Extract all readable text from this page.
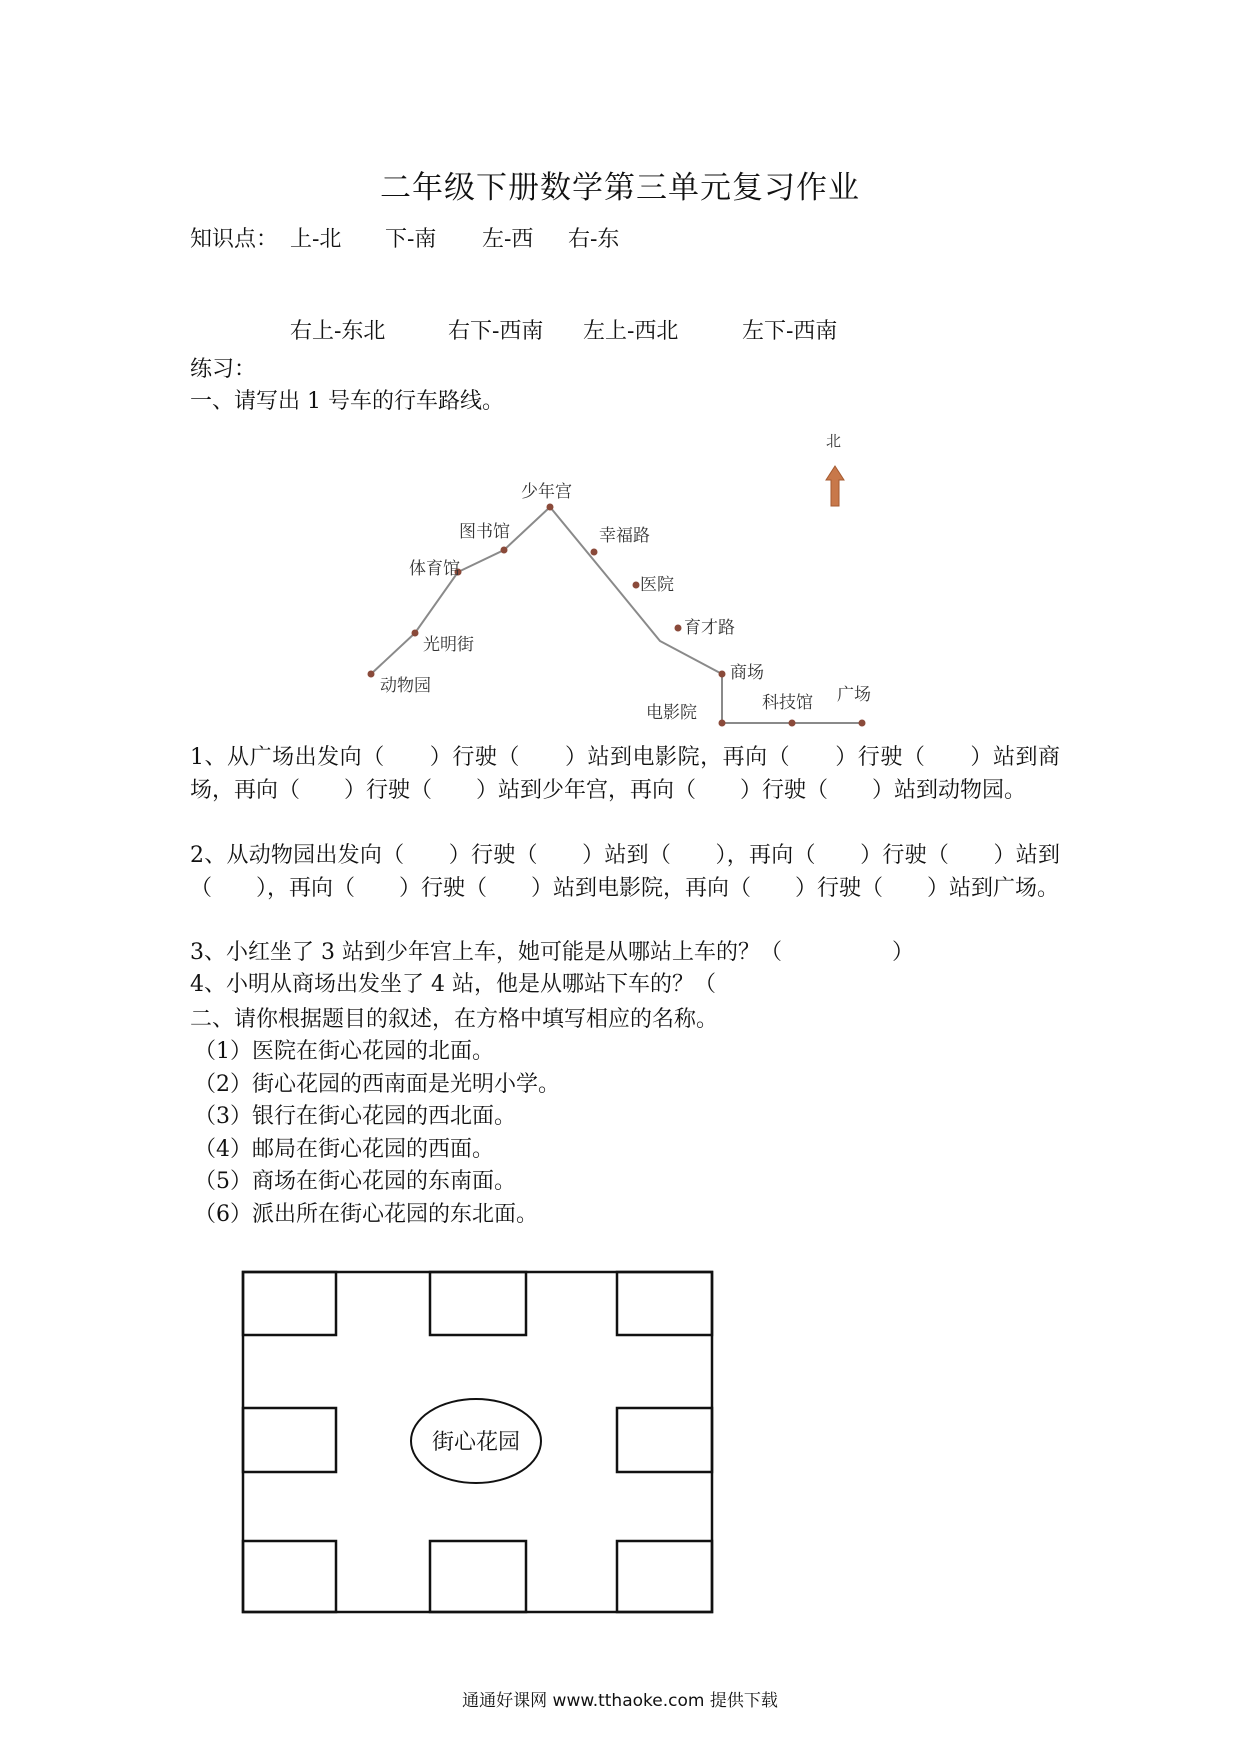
二年级下册数学第三单元复习作业
知识点： 上-北 下-南 左-西 右-东
右上-东北	右下-西南 左上-西北	左下-西南
练习：
一、请写出 1 号车的行车路线。
动物园
光明街
体育馆
图书馆
少年宫
幸福路
医院
育才路
商场
电影院	科技馆 广场
北

1、从广场出发向（　　）行驶（　　）站到电影院，再向（　　）行驶（　　）站到商场，再向（　　）行驶（　　）站到少年宫，再向（　　）行驶（　　）站到动物园。

2、从动物园出发向（　　）行驶（　　）站到（　　），再向（　　）行驶（　　）站到（　　），再向（　　）行驶（　　）站到电影院，再向（　　）行驶（　　）站到广场。

3、小红坐了 3 站到少年宫上车，她可能是从哪站上车的？（　　　　　）

4、小明从商场出发坐了 4 站，他是从哪站下车的？（

二、请你根据题目的叙述，在方格中填写相应的名称。
（1）医院在街心花园的北面。
（2）街心花园的西南面是光明小学。
（3）银行在街心花园的西北面。
（4）邮局在街心花园的西面。
（5）商场在街心花园的东南面。
（6）派出所在街心花园的东北面。
街心花园
通通好课网 www.tthaoke.com 提供下载
